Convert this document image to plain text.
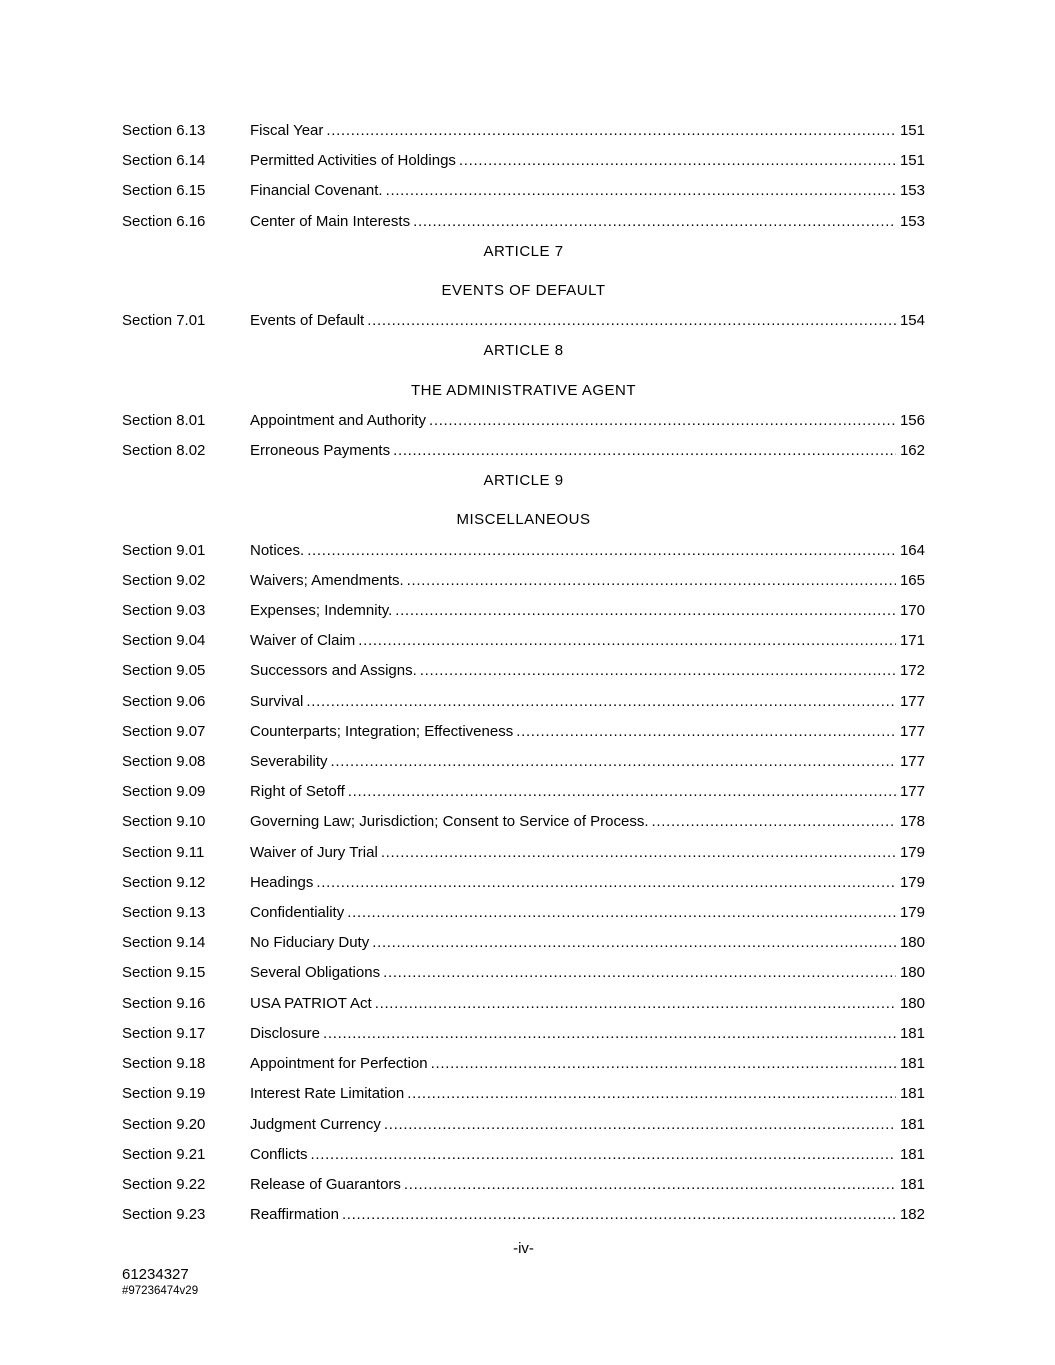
Section 6.13	Fiscal Year .....	151
Section 6.14	Permitted Activities of Holdings .....	151
Section 6.15	Financial Covenant. .....	153
Section 6.16	Center of Main Interests .....	153
ARTICLE 7
EVENTS OF DEFAULT
Section 7.01	Events of Default .....	154
ARTICLE 8
THE ADMINISTRATIVE AGENT
Section 8.01	Appointment and Authority .....	156
Section 8.02	Erroneous Payments .....	162
ARTICLE 9
MISCELLANEOUS
Section 9.01	Notices. .....	164
Section 9.02	Waivers; Amendments. .....	165
Section 9.03	Expenses; Indemnity. .....	170
Section 9.04	Waiver of Claim .....	171
Section 9.05	Successors and Assigns. .....	172
Section 9.06	Survival .....	177
Section 9.07	Counterparts; Integration; Effectiveness .....	177
Section 9.08	Severability .....	177
Section 9.09	Right of Setoff .....	177
Section 9.10	Governing Law; Jurisdiction; Consent to Service of Process. .....	178
Section 9.11	Waiver of Jury Trial .....	179
Section 9.12	Headings .....	179
Section 9.13	Confidentiality .....	179
Section 9.14	No Fiduciary Duty .....	180
Section 9.15	Several Obligations .....	180
Section 9.16	USA PATRIOT Act .....	180
Section 9.17	Disclosure .....	181
Section 9.18	Appointment for Perfection .....	181
Section 9.19	Interest Rate Limitation .....	181
Section 9.20	Judgment Currency .....	181
Section 9.21	Conflicts .....	181
Section 9.22	Release of Guarantors .....	181
Section 9.23	Reaffirmation .....	182
-iv-
61234327
#97236474v29
